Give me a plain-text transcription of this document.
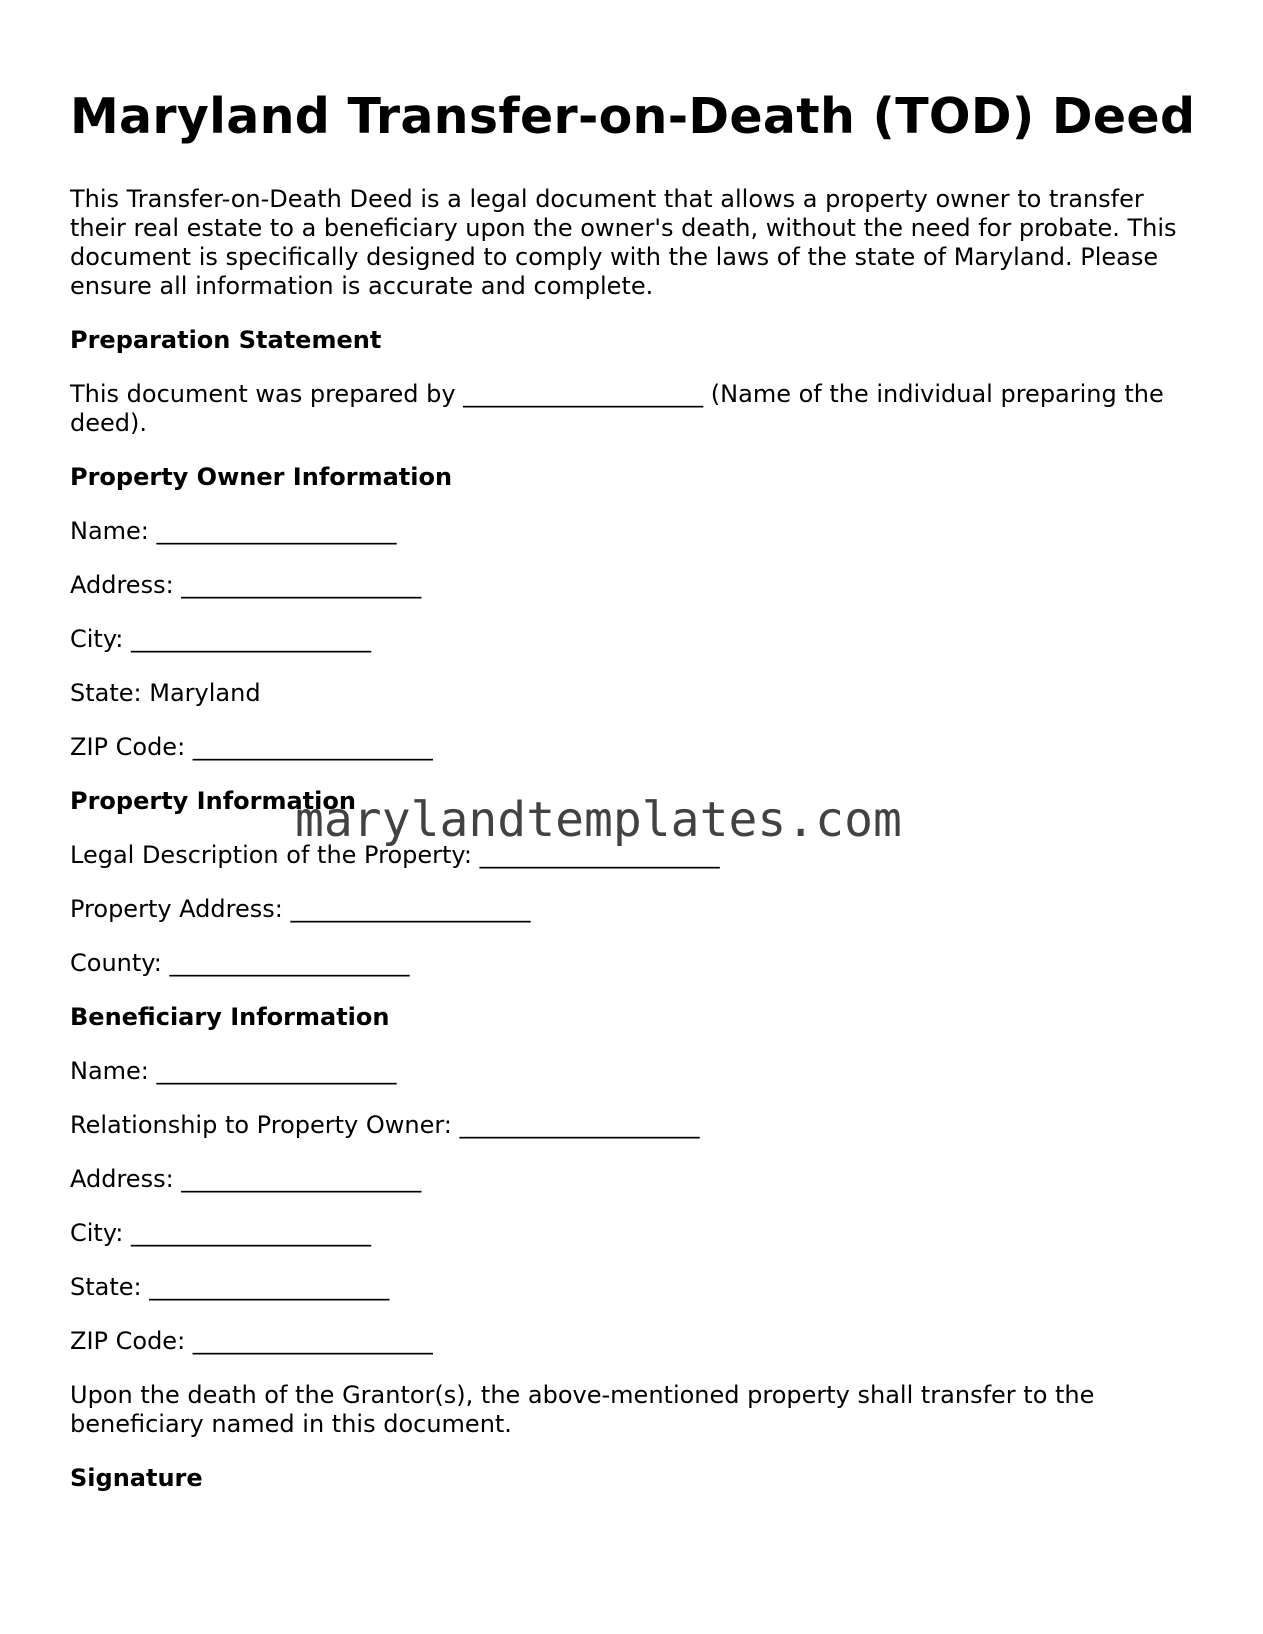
Maryland Transfer-on-Death (TOD) Deed

This Transfer-on-Death Deed is a legal document that allows a property owner to transfer their real estate to a beneficiary upon the owner's death, without the need for probate. This document is specifically designed to comply with the laws of the state of Maryland. Please ensure all information is accurate and complete.

Preparation Statement

This document was prepared by ____________________ (Name of the individual preparing the deed).

Property Owner Information

Name: ____________________

Address: ____________________

City: ____________________

State: Maryland

ZIP Code: ____________________

Property Information

Legal Description of the Property: ____________________

Property Address: ____________________

County: ____________________

Beneficiary Information

Name: ____________________

Relationship to Property Owner: ____________________

Address: ____________________

City: ____________________

State: ____________________

ZIP Code: ____________________

Upon the death of the Grantor(s), the above-mentioned property shall transfer to the beneficiary named in this document.

Signature

marylandtemplates.com
